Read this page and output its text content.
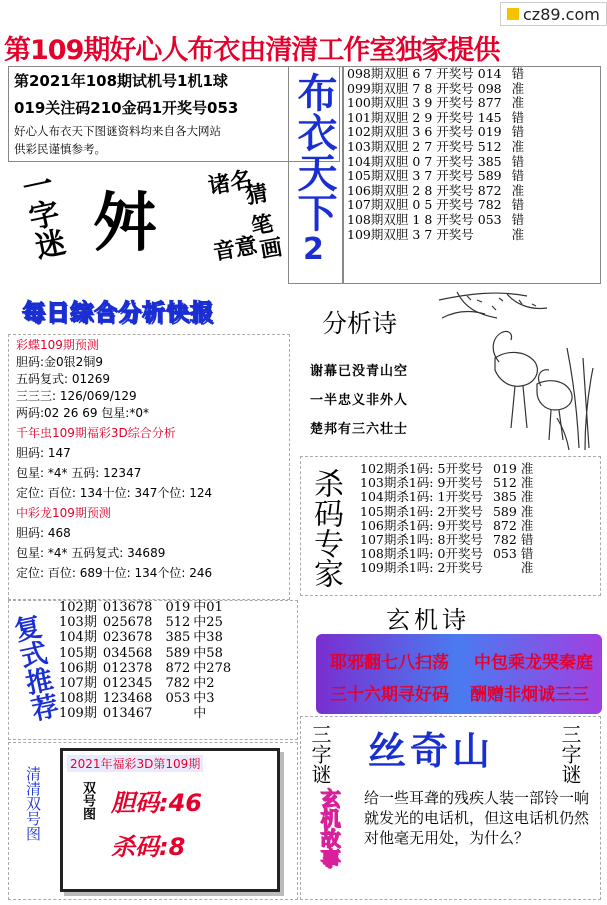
cz89.com
第109期好心人布衣由清清工作室独家提供
第2021年108期试机号1机1球
019关注码210金码1开奖号053
好心人布衣天下图谜资料均来自各大网站
供彩民谨慎参考。
一字迷 舛
诸名
猜笔
音意 画
布衣天下
2
098期双胆	6	7	开奖号	014	错
099期双胆	7	8	开奖号	098	准
100期双胆	3	9	开奖号	877	准
101期双胆	2	9	开奖号	145	错
102期双胆	3	6	开奖号	019	错
103期双胆	2	7	开奖号	512	准
104期双胆	0	7	开奖号	385	错
105期双胆	3	7	开奖号	589	错
106期双胆	2	8	开奖号	872	准
107期双胆	0	5	开奖号	782	错
108期双胆	1	8	开奖号	053	错
109期双胆	3	7	开奖号		准
每日综合分析快报
彩蝶109期预测
胆码:金0银2铜9
五码复式: 01269
三三三: 126/069/129
两码:02 26 69 包星:*0*
千年虫109期福彩3D综合分析
胆码: 147
包星: *4* 五码: 12347
定位: 百位: 134十位: 347个位: 124
中彩龙109期预测
胆码: 468
包星: *4* 五码复式: 34689
定位: 百位: 689十位: 134个位: 246
分析诗
谢幕已没青山空
一半忠义非外人
楚邦有三六壮士
杀码专家 102期杀1码:	5开奖号	019	准
103期杀1码:	9开奖号	512	准
104期杀1码:	1开奖号	385	准
105期杀1码:	2开奖号	589	准
106期杀1码:	9开奖号	872	准
107期杀1吗:	8开奖号	782	错
108期杀1吗:	0开奖号	053	错
109期杀1吗:	2开奖号		准
复式推荐
102期	013678	019	中01
103期	025678	512	中25
104期	023678	385	中38
105期	034568	589	中58
106期	012378	872	中278
107期	012345	782	中2
108期	123468	053	中3
109期	013467		中
玄机诗
耶邪翻七八扫荡 中包乘龙哭秦庭
三十六期寻好码 酬赠非炯诚三三
清清双号图
2021年福彩3D第109期
双号图 胆码:46
杀码:8
三字谜 丝奇山	三字谜
玄机故事 给一些耳聋的残疾人装一部铃一响就发光的电话机，但这电话机仍然对他毫无用处，为什么？
